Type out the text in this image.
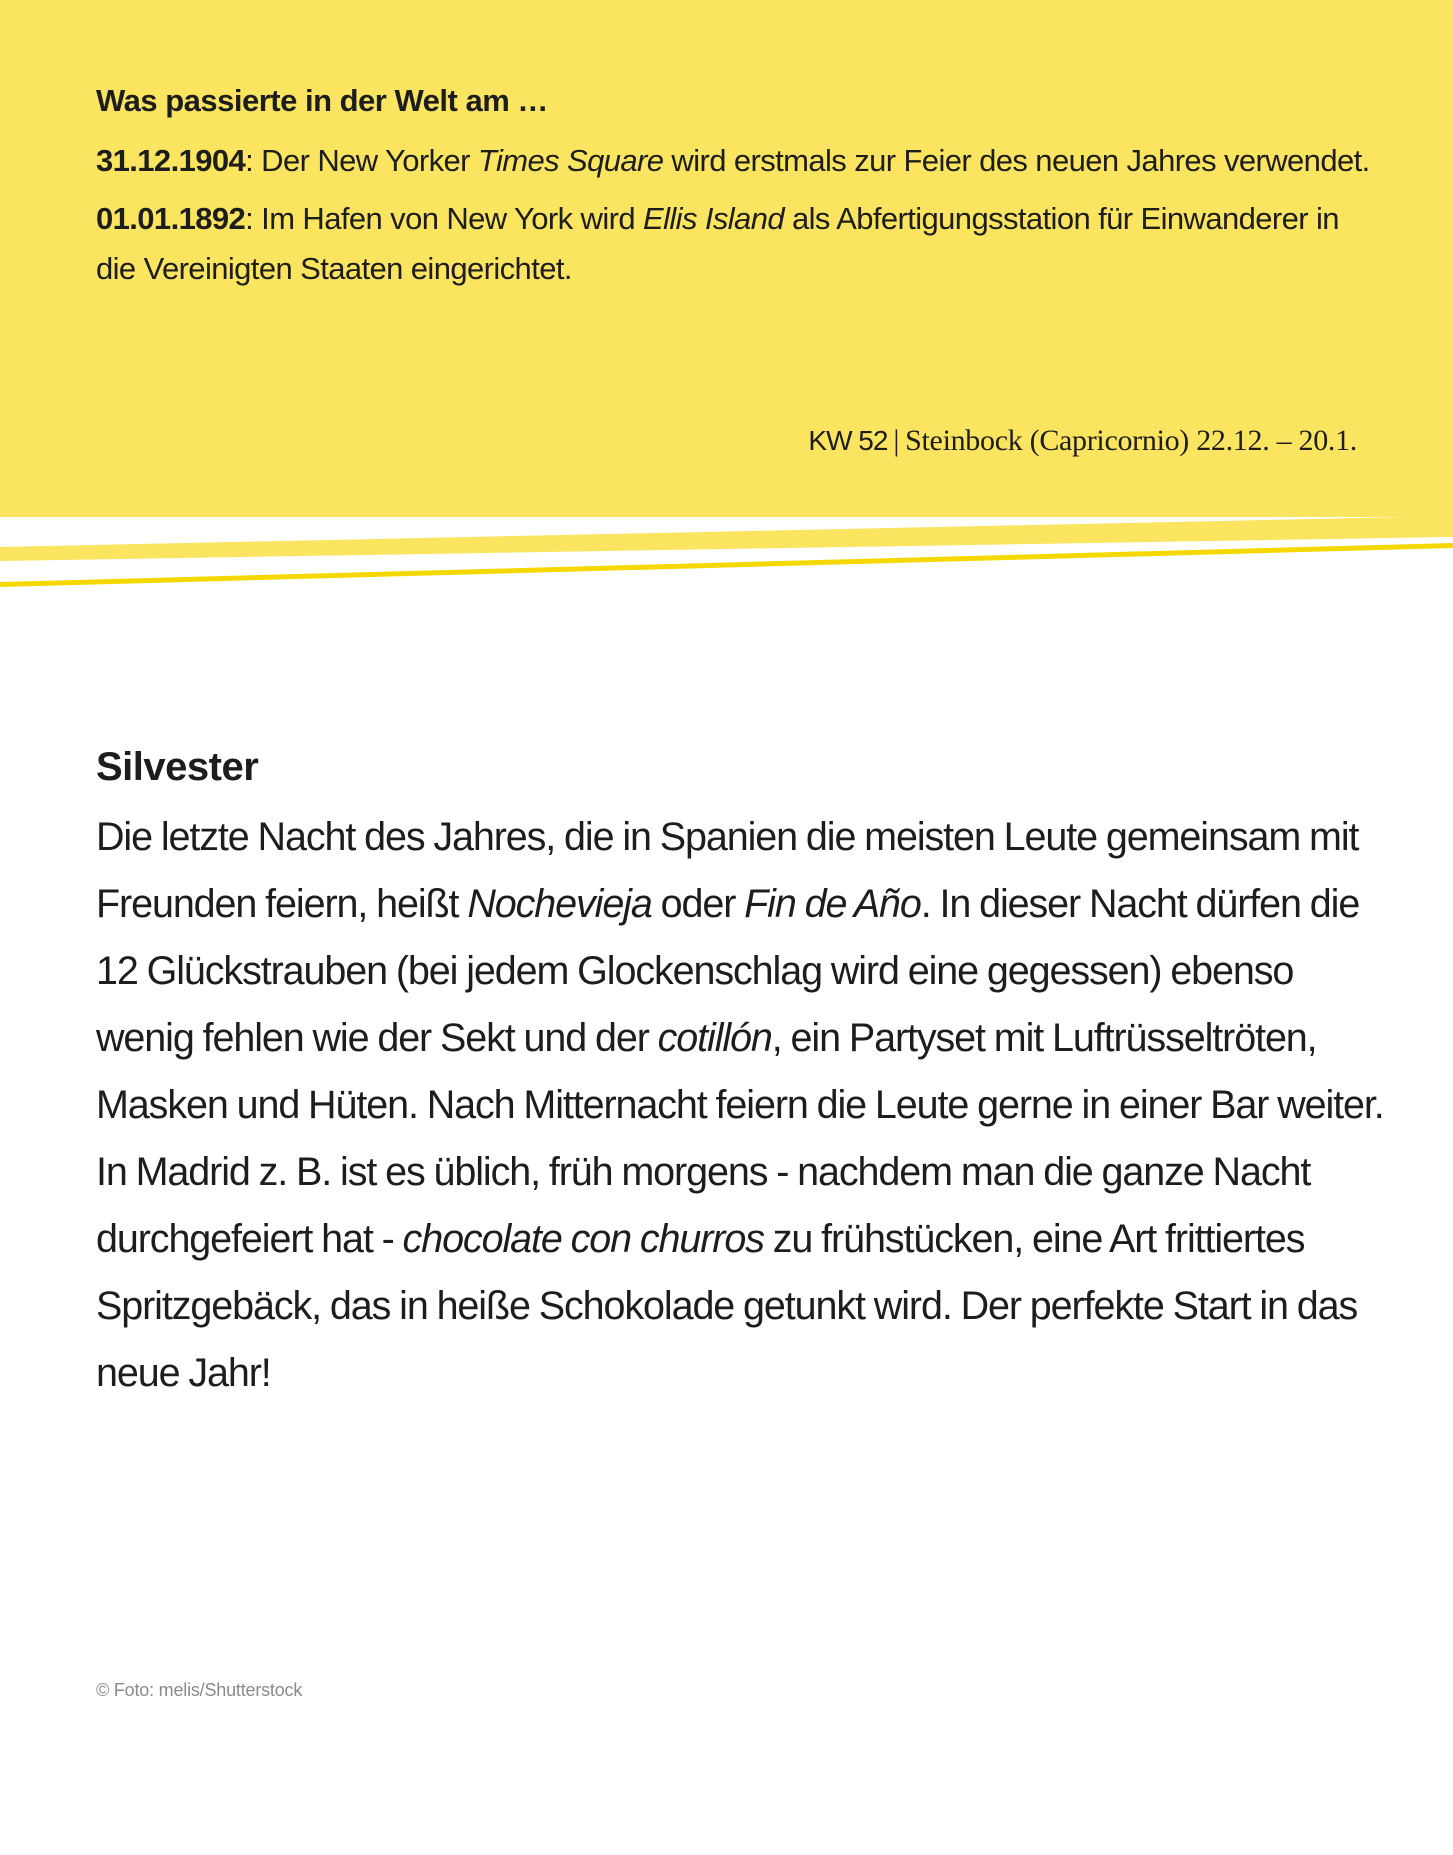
Was passierte in der Welt am …

31.12.1904: Der New Yorker Times Square wird erstmals zur Feier des neuen Jahres verwendet.

01.01.1892: Im Hafen von New York wird Ellis Island als Abfertigungsstation für Einwanderer in die Vereinigten Staaten eingerichtet.

KW 52 | Steinbock (Capricornio) 22.12. – 20.1.
Silvester

Die letzte Nacht des Jahres, die in Spanien die meisten Leute gemeinsam mit Freunden feiern, heißt Nochevieja oder Fin de Año. In dieser Nacht dürfen die 12 Glückstrauben (bei jedem Glockenschlag wird eine gegessen) ebenso wenig fehlen wie der Sekt und der cotillón, ein Partyset mit Luftrüsseltröten, Masken und Hüten. Nach Mitternacht feiern die Leute gerne in einer Bar weiter. In Madrid z. B. ist es üblich, früh morgens - nachdem man die ganze Nacht durchgefeiert hat - chocolate con churros zu frühstücken, eine Art frittiertes Spritzgebäck, das in heiße Schokolade getunkt wird. Der perfekte Start in das neue Jahr!

© Foto: melis/Shutterstock
